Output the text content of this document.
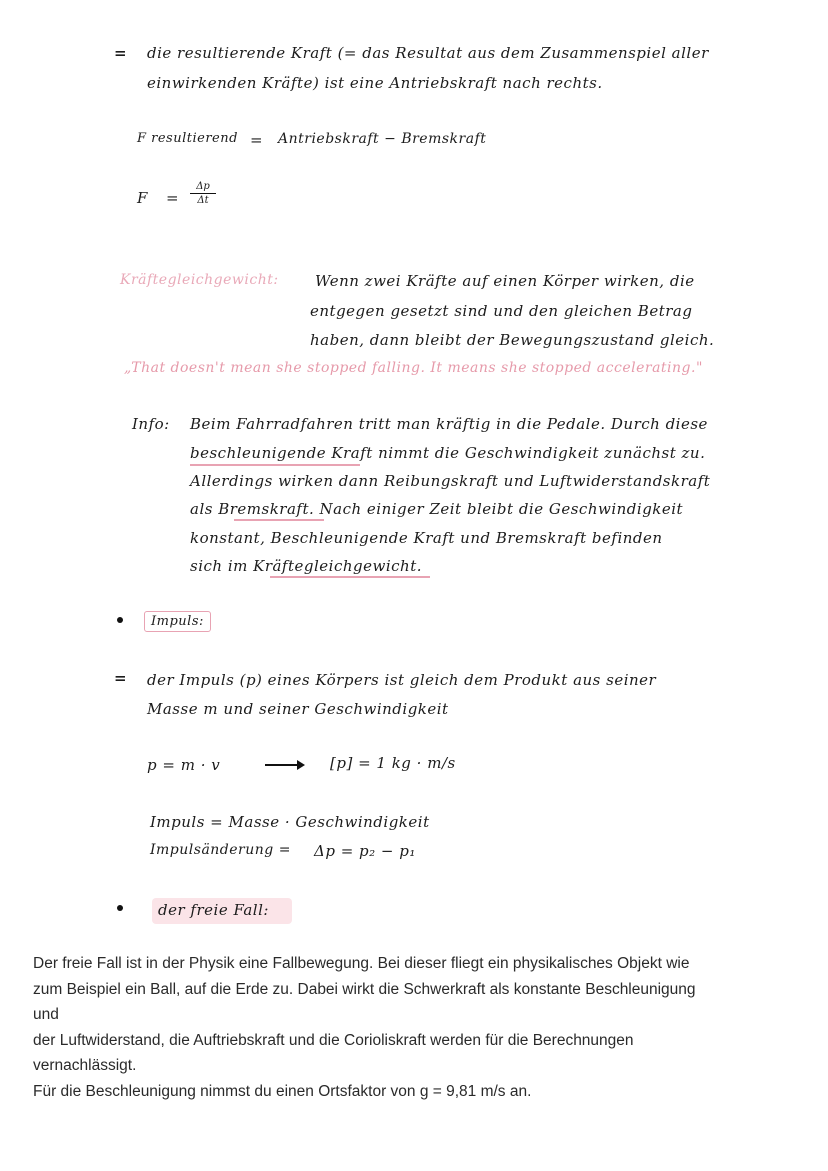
= die resultierende Kraft (= das Resultat aus dem Zusammenspiel aller
einwirkenden Kräfte) ist eine Antriebskraft nach rechts.
F resultierend = Antriebskraft − Bremskraft
F =
Δp
Δt
Kräftegleichgewicht: Wenn zwei Kräfte auf einen Körper wirken, die
entgegen gesetzt sind und den gleichen Betrag
haben, dann bleibt der Bewegungszustand gleich.
„That doesn't mean she stopped falling. It means she stopped accelerating."
Info: Beim Fahrradfahren tritt man kräftig in die Pedale. Durch diese
beschleunigende Kraft nimmt die Geschwindigkeit zunächst zu.
Allerdings wirken dann Reibungskraft und Luftwiderstandskraft
als Bremskraft. Nach einiger Zeit bleibt die Geschwindigkeit
konstant, Beschleunigende Kraft und Bremskraft befinden
sich im Kräftegleichgewicht.
Impuls:
= der Impuls (p) eines Körpers ist gleich dem Produkt aus seiner
Masse m und seiner Geschwindigkeit
p = m · v	[p] = 1 kg · m/s
Impuls = Masse · Geschwindigkeit
Impulsänderung = Δp = p₂ − p₁
der freie Fall:

Der freie Fall ist in der Physik eine Fallbewegung. Bei dieser fliegt ein physikalisches Objekt wie

zum Beispiel ein Ball, auf die Erde zu. Dabei wirkt die Schwerkraft als konstante Beschleunigung

und

der Luftwiderstand, die Auftriebskraft und die Corioliskraft werden für die Berechnungen

vernachlässigt.

Für die Beschleunigung nimmst du einen Ortsfaktor von g = 9,81 m/s an.
